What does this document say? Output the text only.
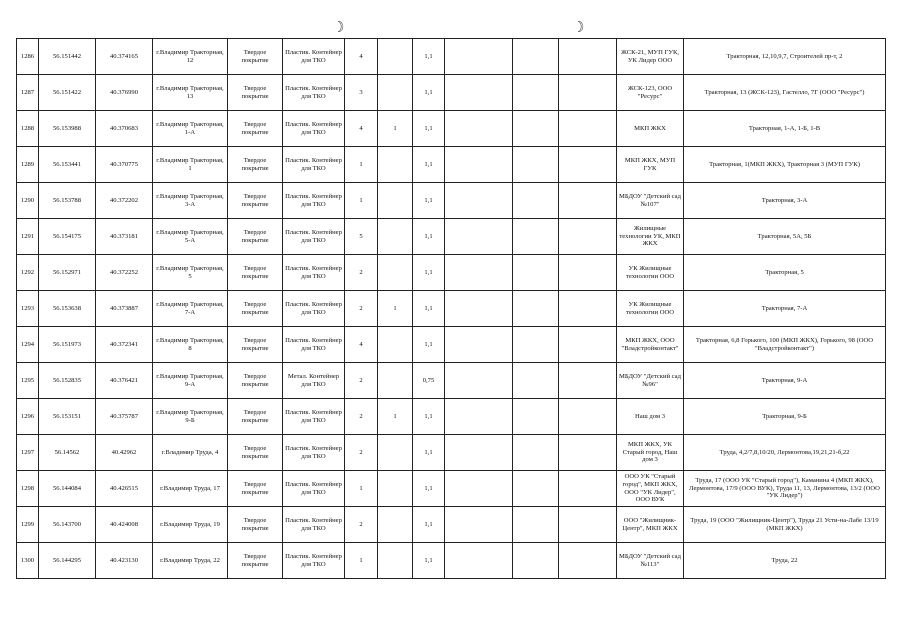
☽	☽
1286	56.151442	40.374165	г.Владимир Тракторная, 12	Твердое покрытие	Пластик. Контейнер для ТКО	4		1,1				ЖСК-21, МУП ГУК, УК Лидер ООО	Тракторная, 12,10,9,7, Строителей пр-т, 2
1287	56.151422	40.376990	г.Владимир Тракторная, 13	Твердое покрытие	Пластик. Контейнер для ТКО	3		1,1				ЖСК-123, ООО "Ресурс"	Тракторная, 13 (ЖСК-123), Гастелло, 7Г (ООО "Ресурс")
1288	56.153988	40.370683	г.Владимир Тракторная, 1-А	Твердое покрытие	Пластик. Контейнер для ТКО	4	1	1,1				МКП ЖКХ	Тракторная, 1-А, 1-Б, 1-В
1289	56.153441	40.370775	г.Владимир Тракторная, 1	Твердое покрытие	Пластик. Контейнер для ТКО	1		1,1				МКП ЖКХ, МУП ГУК	Тракторная, 1(МКП ЖКХ), Тракторная 3 (МУП ГУК)
1290	56.153788	40.372202	г.Владимир Тракторная, 3-А	Твердое покрытие	Пластик. Контейнер для ТКО	1		1,1				МБДОУ "Детский сад №107"	Тракторная, 3-А
1291	56.154175	40.373181	г.Владимир Тракторная, 5-А	Твердое покрытие	Пластик. Контейнер для ТКО	5		1,1				Жилищные технологии УК, МКП ЖКХ	Тракторная, 5А, 5Б
1292	56.152971	40.372252	г.Владимир Тракторная, 5	Твердое покрытие	Пластик. Контейнер для ТКО	2		1,1				УК Жилищные технологии ООО	Тракторная, 5
1293	56.153638	40.373887	г.Владимир Тракторная, 7-А	Твердое покрытие	Пластик. Контейнер для ТКО	2	1	1,1				УК Жилищные технологии ООО	Тракторная, 7-А
1294	56.151973	40.372341	г.Владимир Тракторная, 8	Твердое покрытие	Пластик. Контейнер для ТКО	4		1,1				МКП ЖКХ, ООО "Владстройконтакт"	Тракторная, 6,8 Горького, 100 (МКП ЖКХ), Горького, 98 (ООО "Владстройконтакт")
1295	56.152835	40.376421	г.Владимир Тракторная, 9-А	Твердое покрытие	Метал. Контейнер для ТКО	2		0,75				МБДОУ "Детский сад №96"	Тракторная, 9-А
1296	56.153151	40.375787	г.Владимир Тракторная, 9-Б	Твердое покрытие	Пластик. Контейнер для ТКО	2	1	1,1				Наш дом 3	Тракторная, 9-Б
1297	56.14562	40.42962	г.Владимир Труда, 4	Твердое покрытие	Пластик. Контейнер для ТКО	2		1,1				МКП ЖКХ, УК Старый город, Наш дом 3	Труда, 4,2/7,8,10/20, Лермонтова,19,21,21-б,22
1298	56.144084	40.426515	г.Владимир Труда, 17	Твердое покрытие	Пластик. Контейнер для ТКО	1		1,1				ООО УК "Старый город", МКП ЖКХ, ООО "УК Лидер", ООО ВУК	Труда, 17 (ООО УК "Старый город"), Каманина 4 (МКП ЖКХ), Лермонтова, 17/9 (ООО ВУК), Труда 11, 13, Лермонтова, 13/2 (ООО "УК Лидер")
1299	56.143700	40.424008	г.Владимир Труда, 19	Твердое покрытие	Пластик. Контейнер для ТКО	2		1,1				ООО "Жилищник-Центр", МКП ЖКХ	Труда, 19 (ООО "Жилищник-Центр"), Труда 21 Усти-на-Лабе 13/19 (МКП ЖКХ)
1300	56.144295	40.423130	г.Владимир Труда, 22	Твердое покрытие	Пластик. Контейнер для ТКО	1		1,1				МБДОУ "Детский сад №113"	Труда, 22
